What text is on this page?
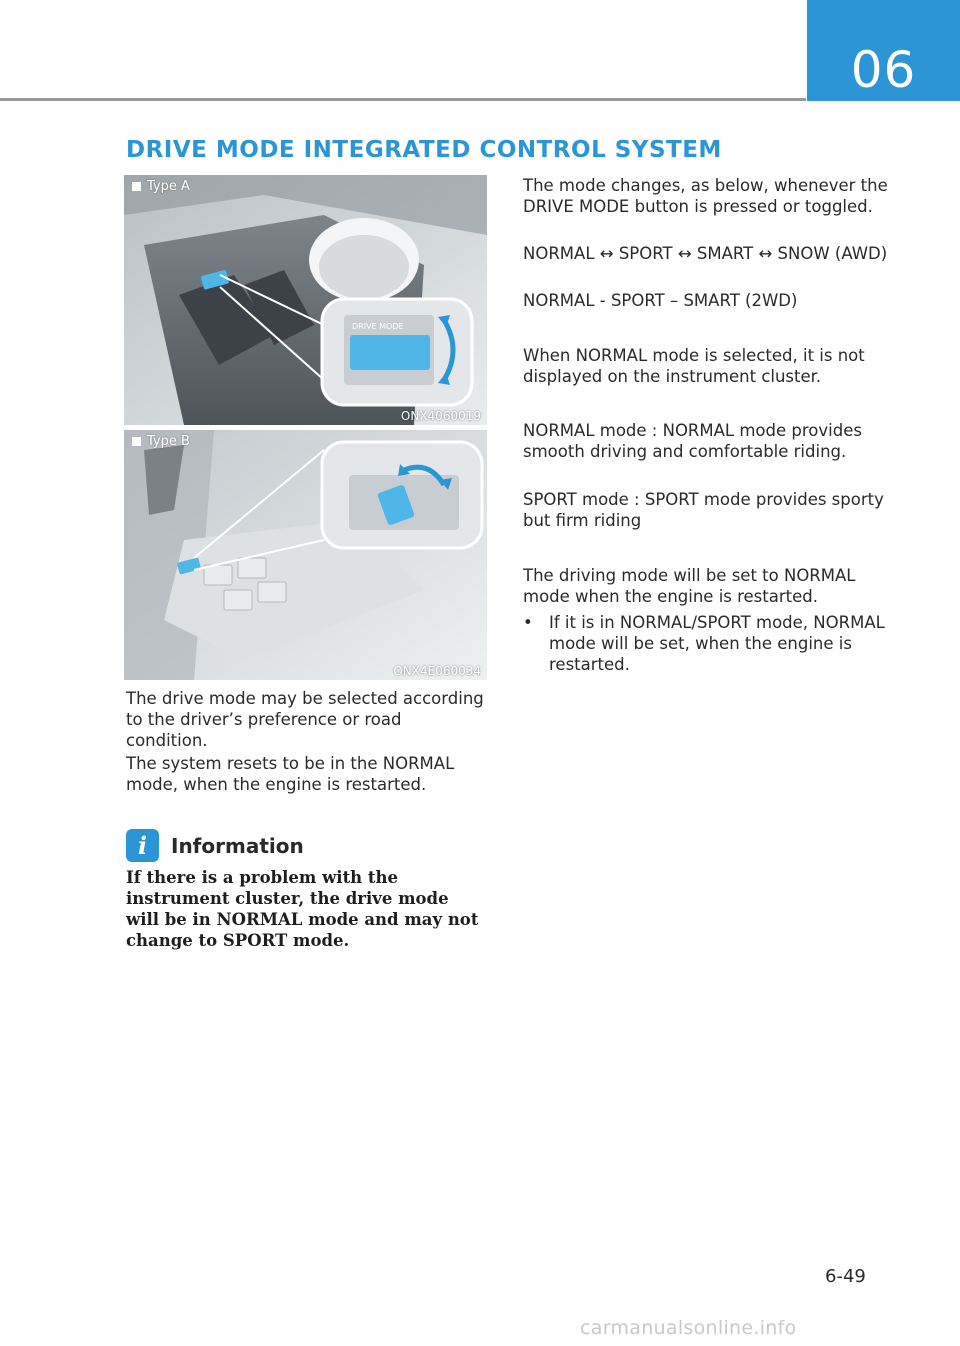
06
DRIVE MODE INTEGRATED CONTROL SYSTEM
DRIVE MODE
Type A
ONX4060019
Type B
ONX4E060034

The drive mode may be selected according to the driver’s preference or road condition.

The system resets to be in the NORMAL mode, when the engine is restarted.

i	Information

If there is a problem with the instrument cluster, the drive mode will be in NORMAL mode and may not change to SPORT mode.

The mode changes, as below, whenever the DRIVE MODE button is pressed or toggled.

NORMAL ↔ SPORT ↔ SMART ↔ SNOW (AWD)

NORMAL - SPORT – SMART (2WD)

When NORMAL mode is selected, it is not displayed on the instrument cluster.

NORMAL mode : NORMAL mode provides smooth driving and comfortable riding.

SPORT mode : SPORT mode provides sporty but firm riding

The driving mode will be set to NORMAL mode when the engine is restarted.

• If it is in NORMAL/SPORT mode, NORMAL mode will be set, when the engine is restarted.
6-49
carmanualsonline.info
